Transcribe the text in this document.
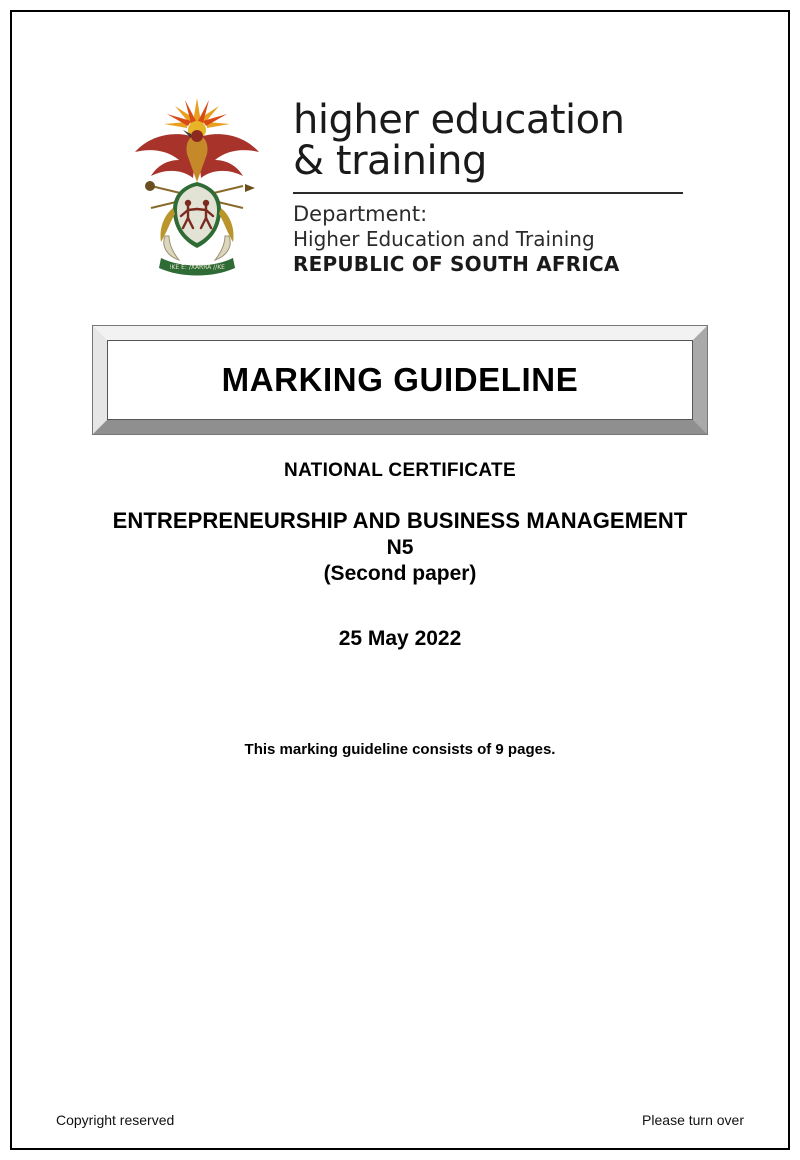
!KE E: /XARRA //KE
higher education
& training
Department:
Higher Education and Training
REPUBLIC OF SOUTH AFRICA
MARKING GUIDELINE
NATIONAL CERTIFICATE
ENTREPRENEURSHIP AND BUSINESS MANAGEMENT
N5
(Second paper)
25 May 2022
This marking guideline consists of 9 pages.
Copyright reserved	Please turn over
